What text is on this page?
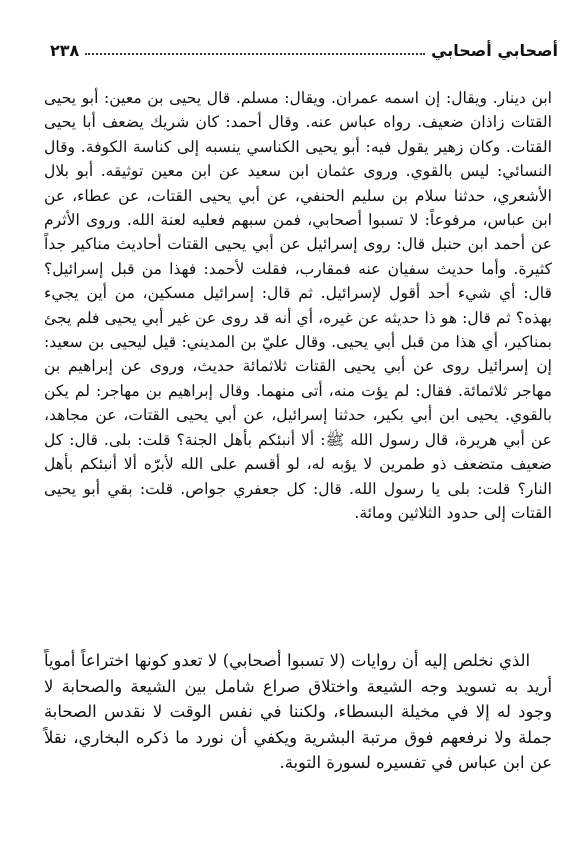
أصحابي أصحابي
٢٣٨

ابن دينار. ويقال: إن اسمه عمران. ويقال: مسلم. قال يحيى بن معين: أبو يحيى القتات زاذان ضعيف. رواه عباس عنه. وقال أحمد: كان شريك يضعف أبا يحيى القتات. وكان زهير يقول فيه: أبو يحيى الكناسي ينسبه إلى كناسة الكوفة. وقال النسائي: ليس بالقوي. وروى عثمان ابن سعيد عن ابن معين توثيقه. أبو بلال الأشعري، حدثنا سلام بن سليم الحنفي، عن أبي يحيى القتات، عن عطاء، عن ابن عباس، مرفوعاً: لا تسبوا أصحابي، فمن سبهم فعليه لعنة الله. وروى الأثرم عن أحمد ابن حنبل قال: روى إسرائيل عن أبي يحيى القتات أحاديث مناكير جداً كثيرة. وأما حديث سفيان عنه فمقارب، فقلت لأحمد: فهذا من قبل إسرائيل؟ قال: أي شيء أحد أقول لإسرائيل. ثم قال: إسرائيل مسكين، من أين يجيء بهذه؟ ثم قال: هو ذا حديثه عن غيره، أي أنه قد روى عن غير أبي يحيى فلم يجئ بمناكير، أي هذا من قبل أبي يحيى. وقال عليّ بن المديني: قيل ليحيى بن سعيد: إن إسرائيل روى عن أبي يحيى القتات ثلاثمائة حديث، وروى عن إبراهيم بن مهاجر ثلاثمائة. فقال: لم يؤت منه، أتى منهما. وقال إبراهيم بن مهاجر: لم يكن بالقوي. يحيى ابن أبي بكير، حدثنا إسرائيل، عن أبي يحيى القتات، عن مجاهد، عن أبي هريرة، قال رسول الله ﷺ: ألا أنبئكم بأهل الجنة؟ قلت: بلى. قال: كل ضعيف متضعف ذو طمرين لا يؤبه له، لو أقسم على الله لأبرّه ألا أنبئكم بأهل النار؟ قلت: بلى يا رسول الله. قال: كل جعفري جواص. قلت: بقي أبو يحيى القتات إلى حدود الثلاثين ومائة.

الذي نخلص إليه أن روايات (لا تسبوا أصحابي) لا تعدو كونها اختراعاً أموياً أريد به تسويد وجه الشيعة واختلاق صراع شامل بين الشيعة والصحابة لا وجود له إلا في مخيلة البسطاء، ولكننا في نفس الوقت لا نقدس الصحابة جملة ولا نرفعهم فوق مرتبة البشرية ويكفي أن نورد ما ذكره البخاري، نقلاً عن ابن عباس في تفسيره لسورة التوبة.
